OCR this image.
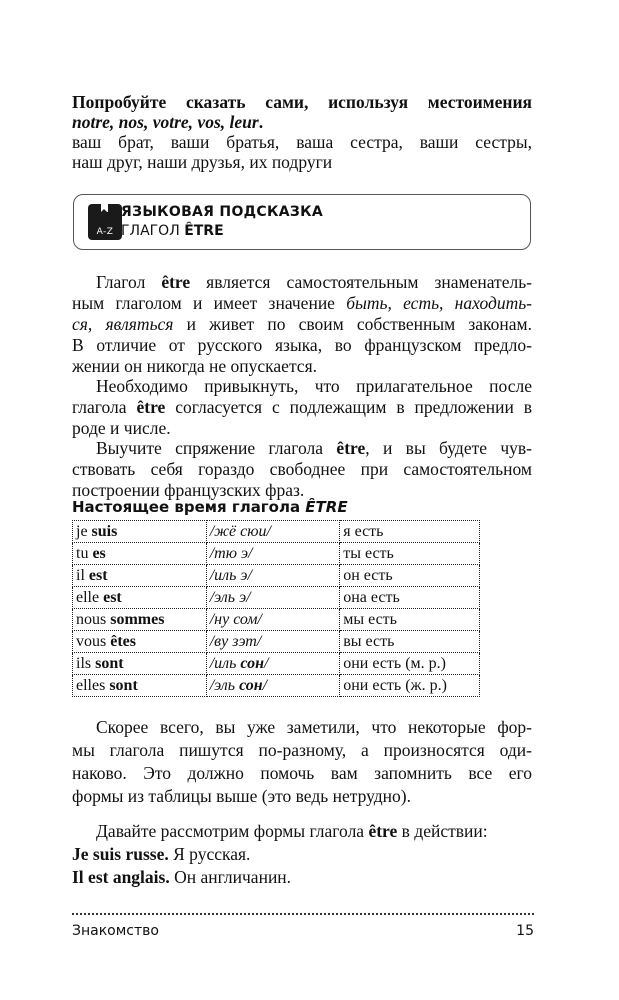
Попробуйте сказать сами, используя местоимения
notre, nos, votre, vos, leur.
ваш брат, ваши братья, ваша сестра, ваши сестры,
наш друг, наши друзья, их подруги
A-Z
ЯЗЫКОВАЯ ПОДСКАЗКА
ГЛАГОЛ ÊTRE
Глагол être является самостоятельным знаменатель-
ным глаголом и имеет значение быть, есть, находить-
ся, являться и живет по своим собственным законам.
В отличие от русского языка, во французском предло-
жении он никогда не опускается.
Необходимо привыкнуть, что прилагательное после
глагола être согласуется с подлежащим в предложении в
роде и числе.
Выучите спряжение глагола être, и вы будете чув-
ствовать себя гораздо свободнее при самостоятельном
построении французских фраз.
Настоящее время глагола ÊTRE
je suis	/жё сюи/	я есть
tu es	/тю э/	ты есть
il est	/иль э/	он есть
elle est	/эль э/	она есть
nous sommes	/ну сом/	мы есть
vous êtes	/ву зэт/	вы есть
ils sont	/иль сон/	они есть (м. р.)
elles sont	/эль сон/	они есть (ж. р.)
Скорее всего, вы уже заметили, что некоторые фор-
мы глагола пишутся по-разному, а произносятся оди-
наково. Это должно помочь вам запомнить все его
формы из таблицы выше (это ведь нетрудно).
Давайте рассмотрим формы глагола être в действии:
Je suis russe. Я русская.
Il est anglais. Он англичанин.
Знакомство	15
